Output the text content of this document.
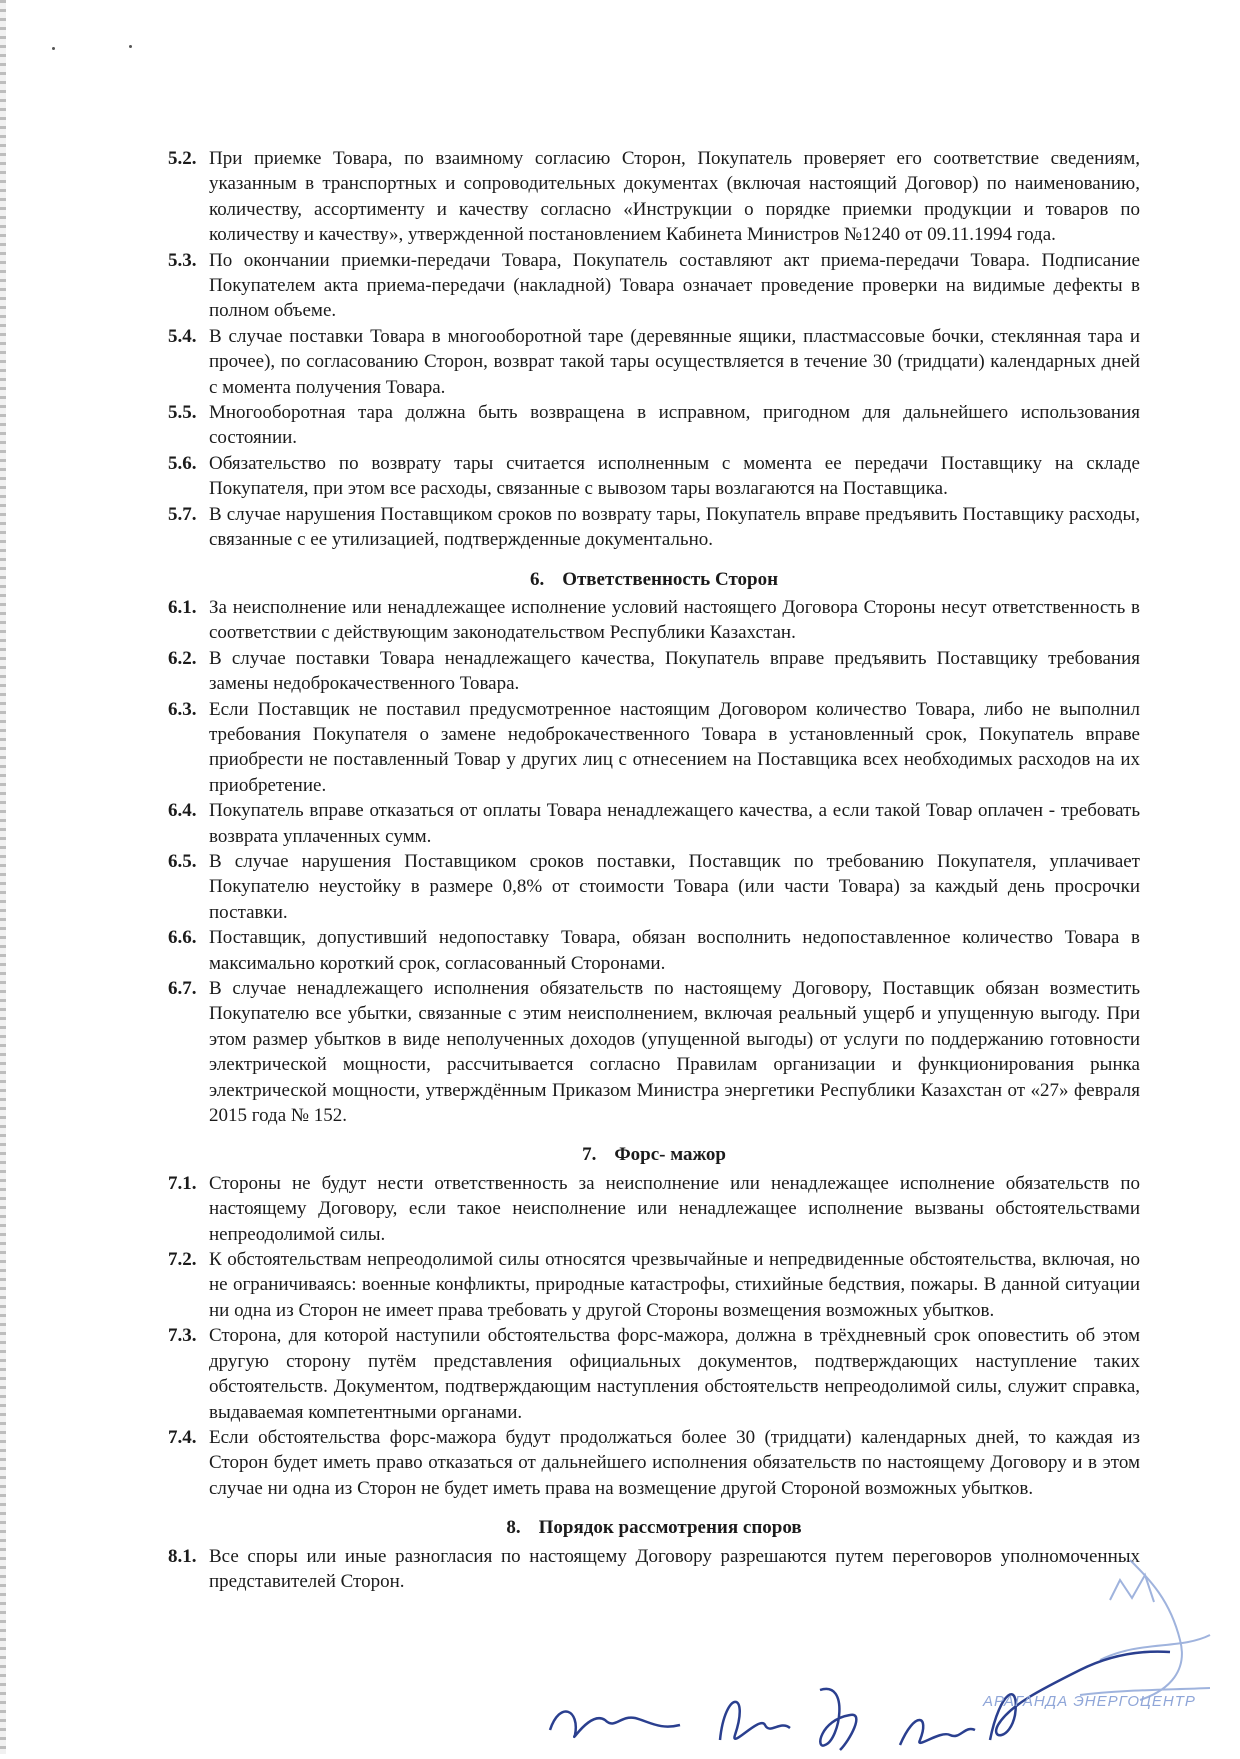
5.2. При приемке Товара, по взаимному согласию Сторон, Покупатель проверяет его соответствие сведениям, указанным в транспортных и сопроводительных документах (включая настоящий Договор) по наименованию, количеству, ассортименту и качеству согласно «Инструкции о порядке приемки продукции и товаров по количеству и качеству», утвержденной постановлением Кабинета Министров №1240 от 09.11.1994 года.
5.3. По окончании приемки-передачи Товара, Покупатель составляют акт приема-передачи Товара. Подписание Покупателем акта приема-передачи (накладной) Товара означает проведение проверки на видимые дефекты в полном объеме.
5.4. В случае поставки Товара в многооборотной таре (деревянные ящики, пластмассовые бочки, стеклянная тара и прочее), по согласованию Сторон, возврат такой тары осуществляется в течение 30 (тридцати) календарных дней с момента получения Товара.
5.5. Многооборотная тара должна быть возвращена в исправном, пригодном для дальнейшего использования состоянии.
5.6. Обязательство по возврату тары считается исполненным с момента ее передачи Поставщику на складе Покупателя, при этом все расходы, связанные с вывозом тары возлагаются на Поставщика.
5.7. В случае нарушения Поставщиком сроков по возврату тары, Покупатель вправе предъявить Поставщику расходы, связанные с ее утилизацией, подтвержденные документально.
6. Ответственность Сторон
6.1. За неисполнение или ненадлежащее исполнение условий настоящего Договора Стороны несут ответственность в соответствии с действующим законодательством Республики Казахстан.
6.2. В случае поставки Товара ненадлежащего качества, Покупатель вправе предъявить Поставщику требования замены недоброкачественного Товара.
6.3. Если Поставщик не поставил предусмотренное настоящим Договором количество Товара, либо не выполнил требования Покупателя о замене недоброкачественного Товара в установленный срок, Покупатель вправе приобрести не поставленный Товар у других лиц с отнесением на Поставщика всех необходимых расходов на их приобретение.
6.4. Покупатель вправе отказаться от оплаты Товара ненадлежащего качества, а если такой Товар оплачен - требовать возврата уплаченных сумм.
6.5. В случае нарушения Поставщиком сроков поставки, Поставщик по требованию Покупателя, уплачивает Покупателю неустойку в размере 0,8% от стоимости Товара (или части Товара) за каждый день просрочки поставки.
6.6. Поставщик, допустивший недопоставку Товара, обязан восполнить недопоставленное количество Товара в максимально короткий срок, согласованный Сторонами.
6.7. В случае ненадлежащего исполнения обязательств по настоящему Договору, Поставщик обязан возместить Покупателю все убытки, связанные с этим неисполнением, включая реальный ущерб и упущенную выгоду. При этом размер убытков в виде неполученных доходов (упущенной выгоды) от услуги по поддержанию готовности электрической мощности, рассчитывается согласно Правилам организации и функционирования рынка электрической мощности, утверждённым Приказом Министра энергетики Республики Казахстан от «27» февраля 2015 года № 152.
7. Форс- мажор
7.1. Стороны не будут нести ответственность за неисполнение или ненадлежащее исполнение обязательств по настоящему Договору, если такое неисполнение или ненадлежащее исполнение вызваны обстоятельствами непреодолимой силы.
7.2. К обстоятельствам непреодолимой силы относятся чрезвычайные и непредвиденные обстоятельства, включая, но не ограничиваясь: военные конфликты, природные катастрофы, стихийные бедствия, пожары. В данной ситуации ни одна из Сторон не имеет права требовать у другой Стороны возмещения возможных убытков.
7.3. Сторона, для которой наступили обстоятельства форс-мажора, должна в трёхдневный срок оповестить об этом другую сторону путём представления официальных документов, подтверждающих наступление таких обстоятельств. Документом, подтверждающим наступления обстоятельств непреодолимой силы, служит справка, выдаваемая компетентными органами.
7.4. Если обстоятельства форс-мажора будут продолжаться более 30 (тридцати) календарных дней, то каждая из Сторон будет иметь право отказаться от дальнейшего исполнения обязательств по настоящему Договору и в этом случае ни одна из Сторон не будет иметь права на возмещение другой Стороной возможных убытков.
8. Порядок рассмотрения споров
8.1. Все споры или иные разногласия по настоящему Договору разрешаются путем переговоров уполномоченных представителей Сторон.
АРАГАНДА ЭНЕРГОЦЕНТР
